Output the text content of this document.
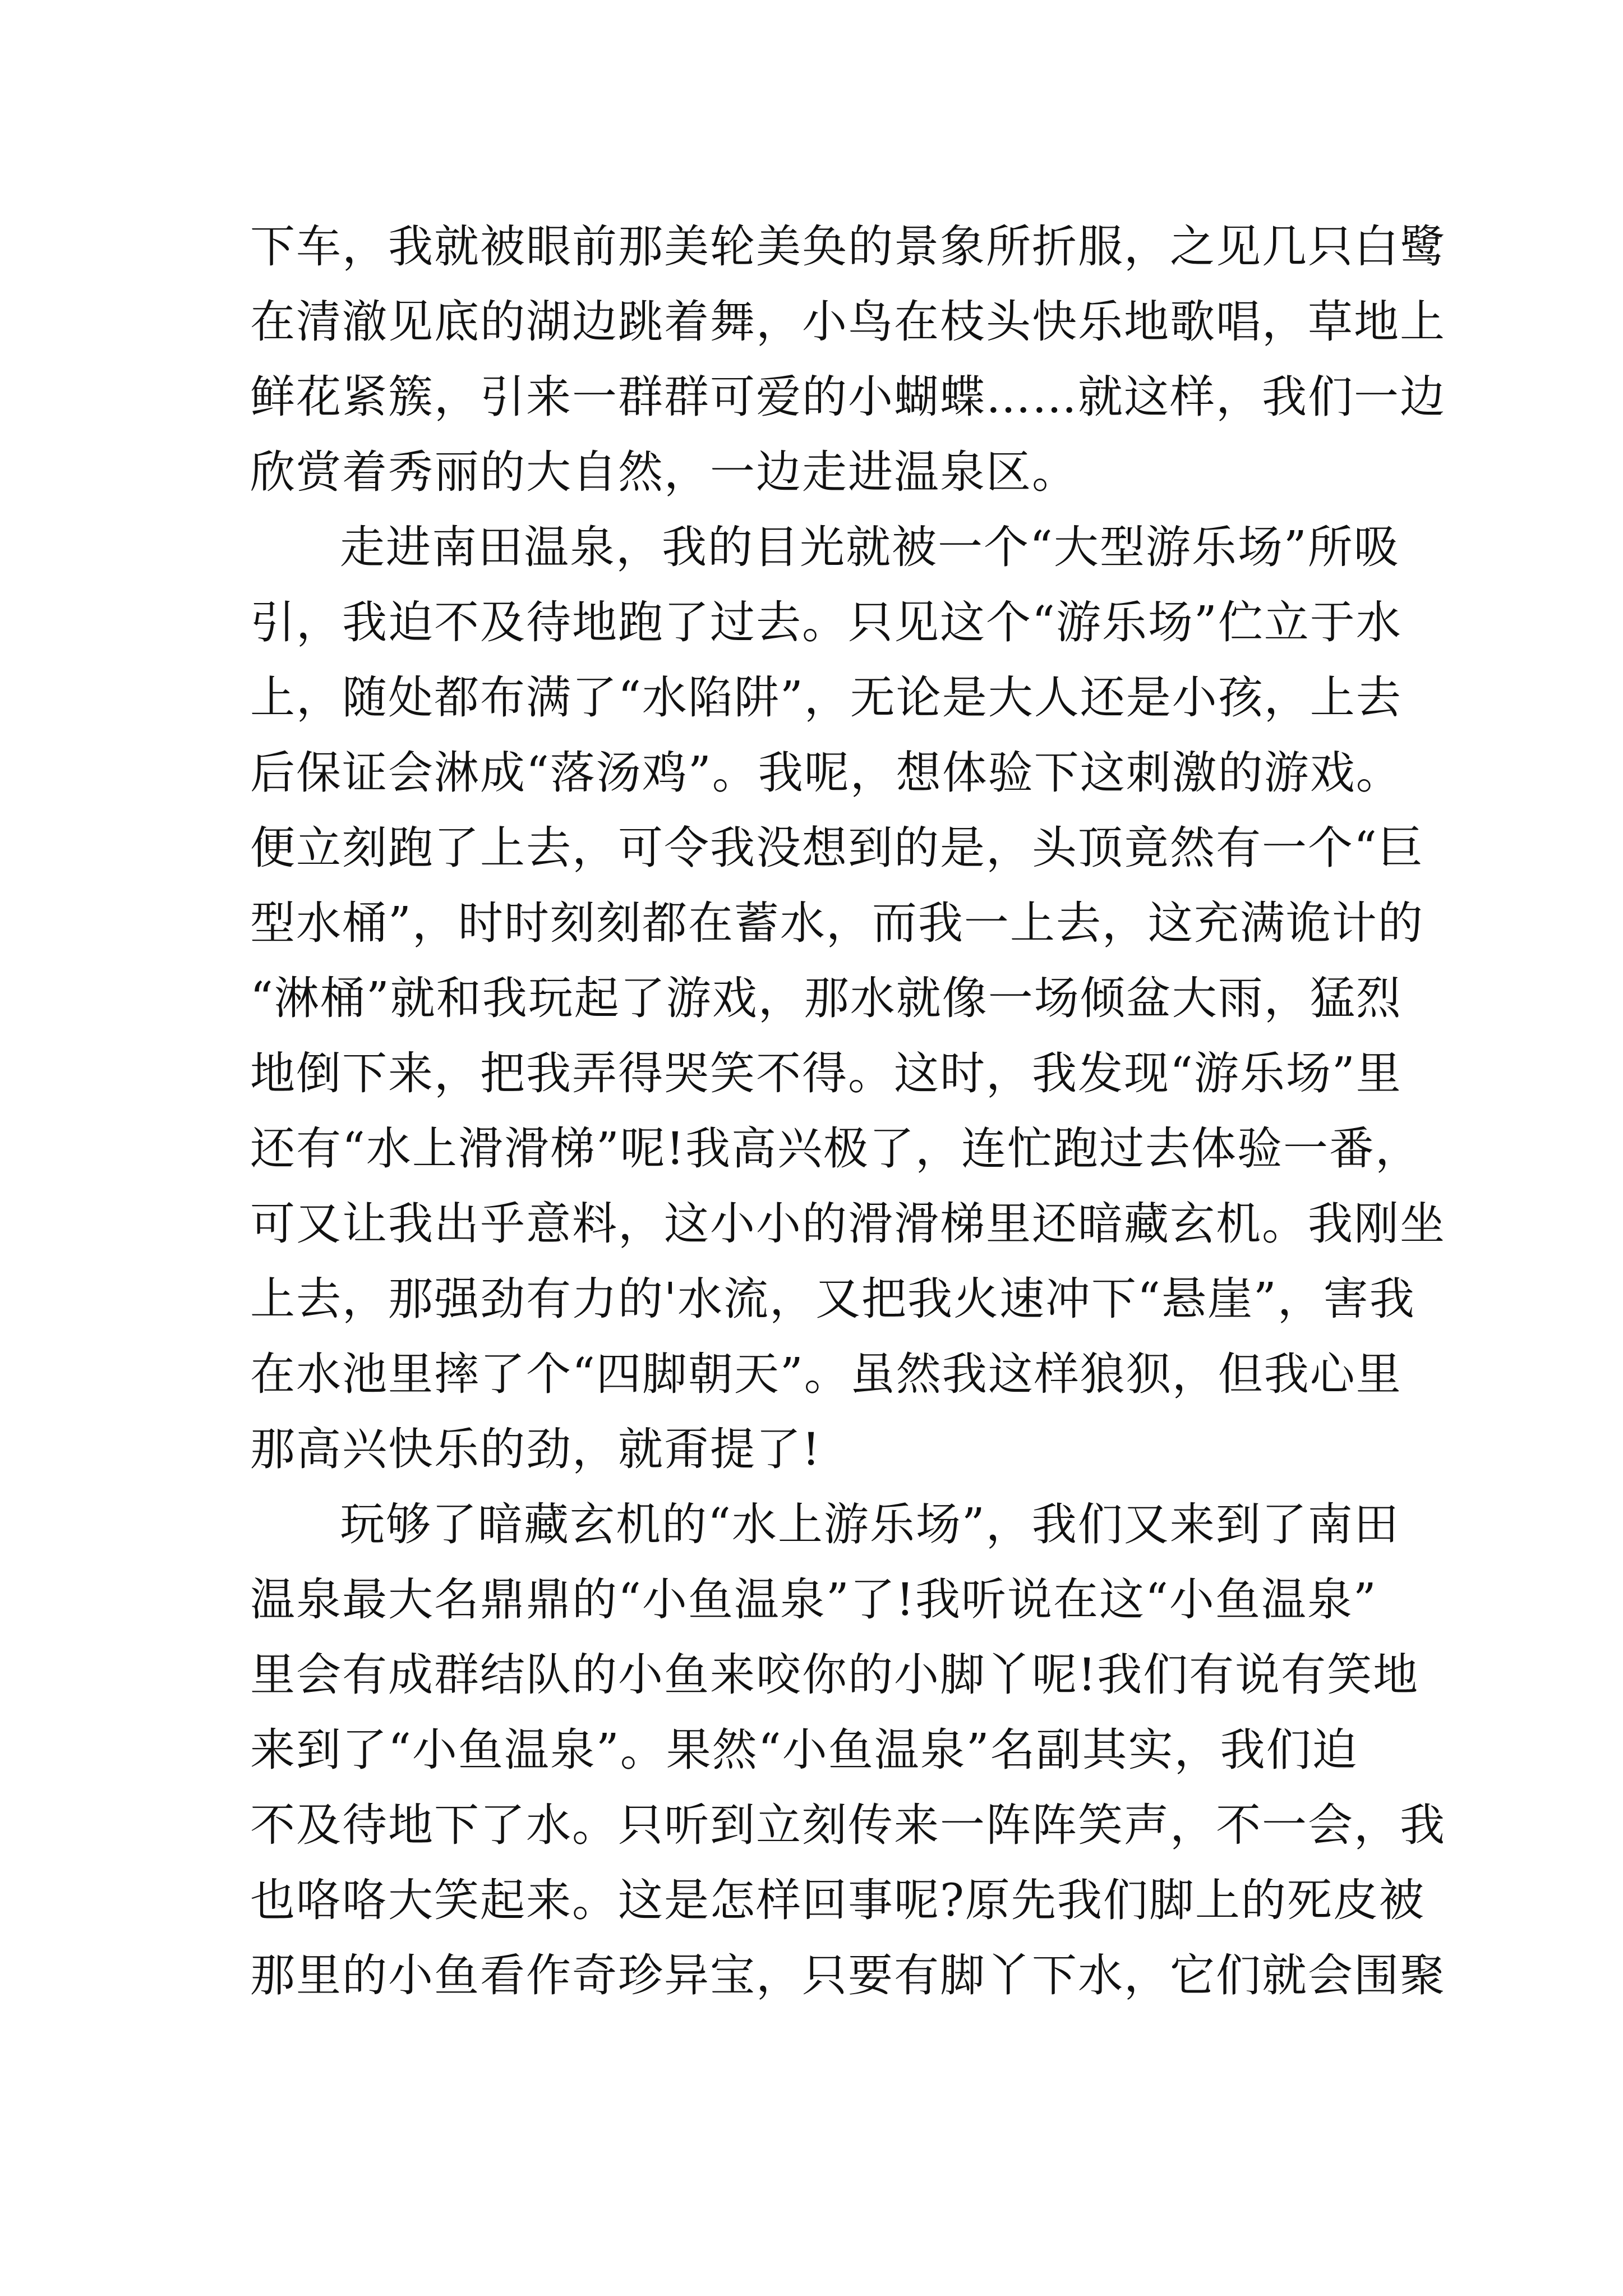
下车，我就被眼前那美轮美奂的景象所折服，之见几只白鹭
在清澈见底的湖边跳着舞，小鸟在枝头快乐地歌唱，草地上
鲜花紧簇，引来一群群可爱的小蝴蝶……就这样，我们一边
欣赏着秀丽的大自然，一边走进温泉区。
走进南田温泉，我的目光就被一个“大型游乐场”所吸
引，我迫不及待地跑了过去。只见这个“游乐场”伫立于水
上，随处都布满了“水陷阱”，无论是大人还是小孩，上去
后保证会淋成“落汤鸡”。我呢，想体验下这刺激的游戏。
便立刻跑了上去，可令我没想到的是，头顶竟然有一个“巨
型水桶”，时时刻刻都在蓄水，而我一上去，这充满诡计的
“淋桶”就和我玩起了游戏，那水就像一场倾盆大雨，猛烈
地倒下来，把我弄得哭笑不得。这时，我发现“游乐场”里
还有“水上滑滑梯”呢!我高兴极了，连忙跑过去体验一番，
可又让我出乎意料，这小小的滑滑梯里还暗藏玄机。我刚坐
上去，那强劲有力的'水流，又把我火速冲下“悬崖”，害我
在水池里摔了个“四脚朝天”。虽然我这样狼狈，但我心里
那高兴快乐的劲，就甭提了!
玩够了暗藏玄机的“水上游乐场”，我们又来到了南田
温泉最大名鼎鼎的“小鱼温泉”了!我听说在这“小鱼温泉”
里会有成群结队的小鱼来咬你的小脚丫呢!我们有说有笑地
来到了“小鱼温泉”。果然“小鱼温泉”名副其实，我们迫
不及待地下了水。只听到立刻传来一阵阵笑声，不一会，我
也咯咯大笑起来。这是怎样回事呢?原先我们脚上的死皮被
那里的小鱼看作奇珍异宝，只要有脚丫下水，它们就会围聚
